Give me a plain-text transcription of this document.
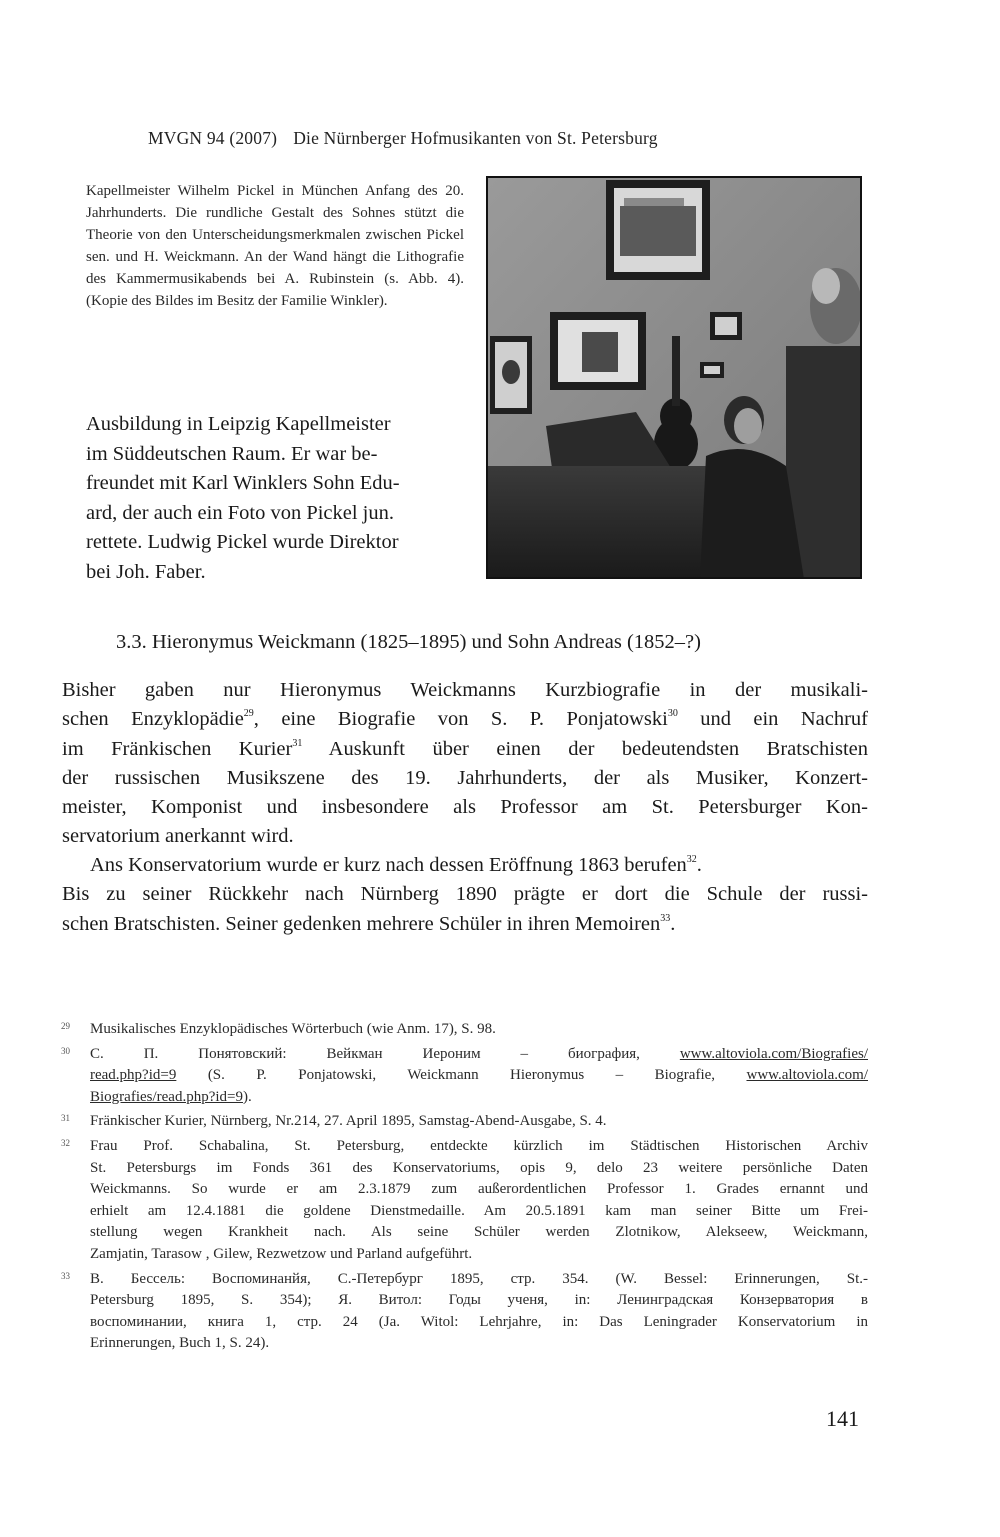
MVGN 94 (2007) Die Nürnberger Hofmusikanten von St. Petersburg
Kapellmeister Wilhelm Pickel in München Anfang des 20. Jahrhunderts. Die rundliche Gestalt des Sohnes stützt die Theorie von den Unterscheidungsmerkmalen zwischen Pickel sen. und H. Weickmann. An der Wand hängt die Lithografie des Kammermusikabends bei A. Rubinstein (s. Abb. 4). (Kopie des Bildes im Besitz der Familie Winkler).
Ausbildung in Leipzig Kapellmeister
im Süddeutschen Raum. Er war be-
freundet mit Karl Winklers Sohn Edu-
ard, der auch ein Foto von Pickel jun.
rettete. Ludwig Pickel wurde Direktor
bei Joh. Faber.
3.3. Hieronymus Weickmann (1825–1895) und Sohn Andreas (1852–?)
Bisher gaben nur Hieronymus Weickmanns Kurzbiografie in der musikali-
schen Enzyklopädie$^{29}$, eine Biografie von S. P. Ponjatowski$^{30}$ und ein Nachruf
im Fränkischen Kurier$^{31}$ Auskunft über einen der bedeutendsten Bratschisten
der russischen Musikszene des 19. Jahrhunderts, der als Musiker, Konzert-
meister, Komponist und insbesondere als Professor am St. Petersburger Kon-
servatorium anerkannt wird.
Ans Konservatorium wurde er kurz nach dessen Eröffnung 1863 berufen$^{32}$.
Bis zu seiner Rückkehr nach Nürnberg 1890 prägte er dort die Schule der russi-
schen Bratschisten. Seiner gedenken mehrere Schüler in ihren Memoiren$^{33}$.
29 Musikalisches Enzyklopädisches Wörterbuch (wie Anm. 17), S. 98.
30 С. П. Понятовский: Вейкман Иероним – биография, www.altoviola.com/Biografies/
read.php?id=9 (S. P. Ponjatowski, Weickmann Hieronymus – Biografie, www.altoviola.com/
Biografies/read.php?id=9).
31 Fränkischer Kurier, Nürnberg, Nr.214, 27. April 1895, Samstag-Abend-Ausgabe, S. 4.
32 Frau Prof. Schabalina, St. Petersburg, entdeckte kürzlich im Städtischen Historischen Archiv
St. Petersburgs im Fonds 361 des Konservatoriums, opis 9, delo 23 weitere persönliche Daten
Weickmanns. So wurde er am 2.3.1879 zum außerordentlichen Professor 1. Grades ernannt und
erhielt am 12.4.1881 die goldene Dienstmedaille. Am 20.5.1891 kam man seiner Bitte um Frei-
stellung wegen Krankheit nach. Als seine Schüler werden Zlotnikow, Alekseew, Weickmann,
Zamjatin, Tarasow , Gilew, Rezwetzow und Parland aufgeführt.
33 В. Бессель: Воспоминанйя, С.-Петербург 1895, стр. 354. (W. Bessel: Erinnerungen, St.-
Petersburg 1895, S. 354); Я. Витол: Годы ученя, in: Ленинградская Конзерватория в
воспоминании, книга 1, стр. 24 (Ja. Witol: Lehrjahre, in: Das Leningrader Konservatorium in
Erinnerungen, Buch 1, S. 24).
141
